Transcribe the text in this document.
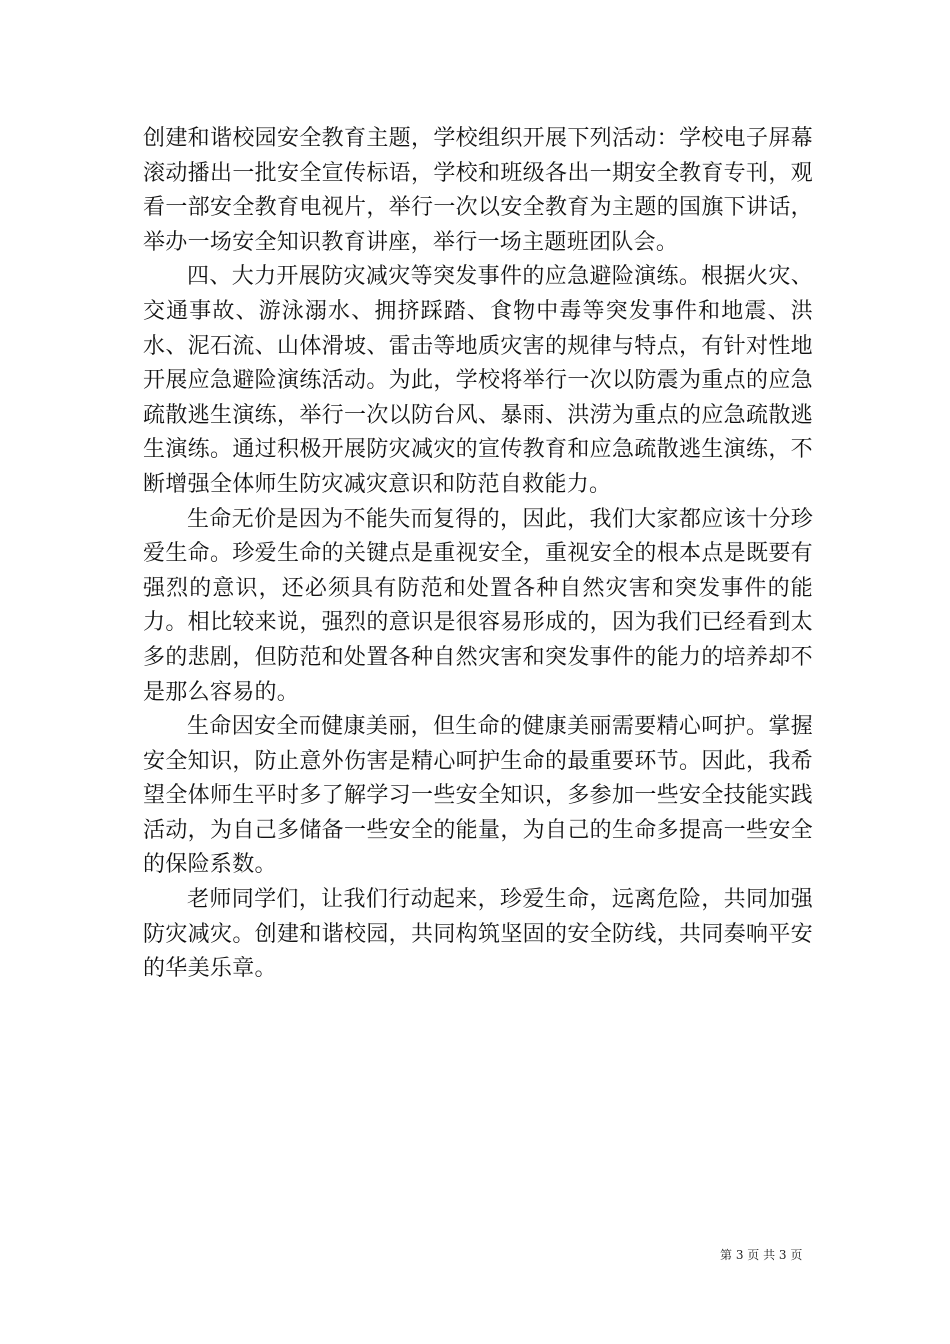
创建和谐校园安全教育主题，学校组织开展下列活动：学校电子屏幕滚动播出一批安全宣传标语，学校和班级各出一期安全教育专刊，观看一部安全教育电视片，举行一次以安全教育为主题的国旗下讲话，举办一场安全知识教育讲座，举行一场主题班团队会。

四、大力开展防灾减灾等突发事件的应急避险演练。根据火灾、交通事故、游泳溺水、拥挤踩踏、食物中毒等突发事件和地震、洪水、泥石流、山体滑坡、雷击等地质灾害的规律与特点，有针对性地开展应急避险演练活动。为此，学校将举行一次以防震为重点的应急疏散逃生演练，举行一次以防台风、暴雨、洪涝为重点的应急疏散逃生演练。通过积极开展防灾减灾的宣传教育和应急疏散逃生演练，不断增强全体师生防灾减灾意识和防范自救能力。

生命无价是因为不能失而复得的，因此，我们大家都应该十分珍爱生命。珍爱生命的关键点是重视安全，重视安全的根本点是既要有强烈的意识，还必须具有防范和处置各种自然灾害和突发事件的能力。相比较来说，强烈的意识是很容易形成的，因为我们已经看到太多的悲剧，但防范和处置各种自然灾害和突发事件的能力的培养却不是那么容易的。

生命因安全而健康美丽，但生命的健康美丽需要精心呵护。掌握安全知识，防止意外伤害是精心呵护生命的最重要环节。因此，我希望全体师生平时多了解学习一些安全知识，多参加一些安全技能实践活动，为自己多储备一些安全的能量，为自己的生命多提高一些安全的保险系数。

老师同学们，让我们行动起来，珍爱生命，远离危险，共同加强防灾减灾。创建和谐校园，共同构筑坚固的安全防线，共同奏响平安的华美乐章。

第 3 页 共 3 页
